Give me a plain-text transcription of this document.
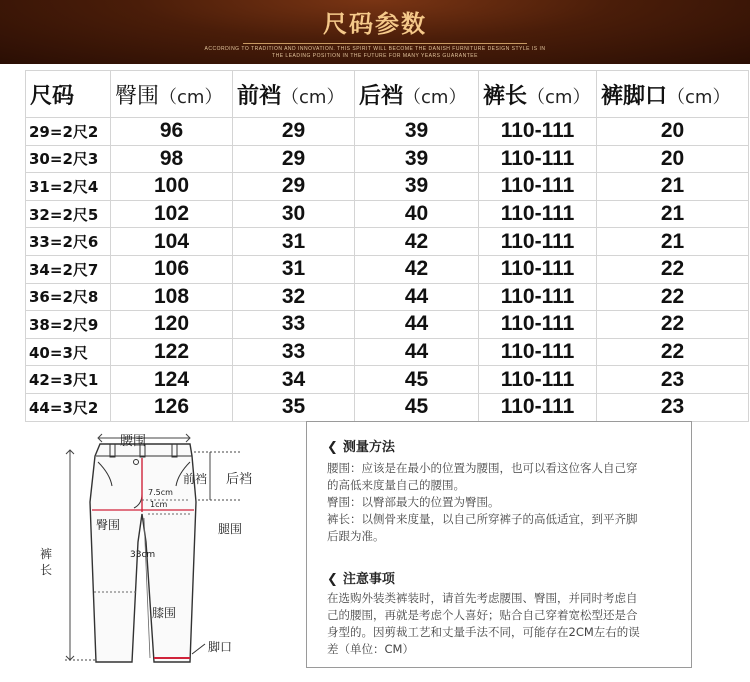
尺码参数
ACCORDING TO TRADITION AND INNOVATION. THIS SPIRIT WILL BECOME THE DANISH FURNITURE DESIGN STYLE IS IN
THE LEADING POSITION IN THE FUTURE FOR MANY YEARS GUARANTEE
尺码	臀围（cm）	前裆（cm）	后裆（cm）	裤长（cm）	裤脚口（cm）
29=2尺2	96	29	39	110-111	20
30=2尺3	98	29	39	110-111	20
31=2尺4	100	29	39	110-111	21
32=2尺5	102	30	40	110-111	21
33=2尺6	104	31	42	110-111	21
34=2尺7	106	31	42	110-111	22
36=2尺8	108	32	44	110-111	22
38=2尺9	120	33	44	110-111	22
40=3尺	122	33	44	110-111	22
42=3尺1	124	34	45	110-111	23
44=3尺2	126	35	45	110-111	23
腰围
前裆 后裆
7.5cm
1cm
臀围	腿围
裤长
33cm
膝围
脚口
❮ 测量方法

腰围：应该是在最小的位置为腰围，也可以看这位客人自己穿

的高低来度量自己的腰围。

臀围：以臀部最大的位置为臀围。

裤长：以侧骨来度量，以自己所穿裤子的高低适宜，到平齐脚

后跟为准。

❮ 注意事项

在选购外装类裤装时，请首先考虑腰围、臀围，并同时考虑自

己的腰围，再就是考虑个人喜好；贴合自己穿着宽松型还是合

身型的。因剪裁工艺和丈量手法不同，可能存在2CM左右的误

差（单位：CM）
